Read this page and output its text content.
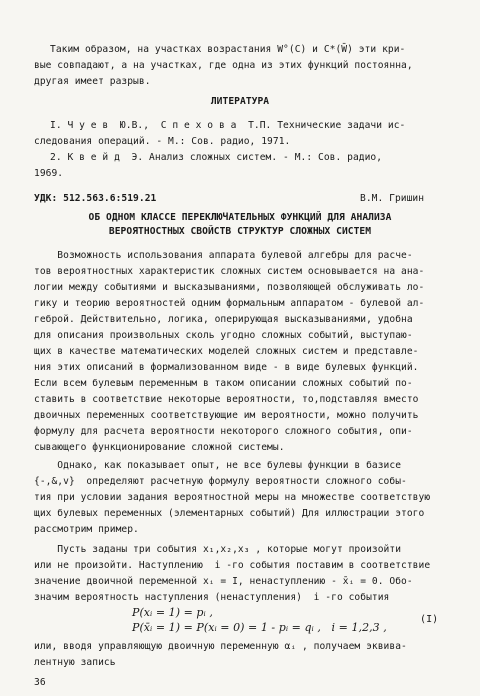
Таким образом, на участках возрастания W°(C) и C*(W̄) эти кри-
вые совпадают, а на участках, где одна из этих функций постоянна,
другая имеет разрыв.
ЛИТЕРАТУРА
I. Ч у е в  Ю.В.,  С п е х о в а  Т.П. Технические задачи ис-
следования операций. - М.: Сов. радио, 1971.
2. К в е й д  Э. Анализ сложных систем. - М.: Сов. радио,
1969.
УДК: 512.563.6:519.21	В.М. Гришин
ОБ ОДНОМ КЛАССЕ ПЕРЕКЛЮЧАТЕЛЬНЫХ ФУНКЦИЙ ДЛЯ АНАЛИЗА
ВЕРОЯТНОСТНЫХ СВОЙСТВ СТРУКТУР СЛОЖНЫХ СИСТЕМ
Возможность использования аппарата булевой алгебры для расче-
тов вероятностных характеристик сложных систем основывается на ана-
логии между событиями и высказываниями, позволяющей обслуживать ло-
гику и теорию вероятностей одним формальным аппаратом - булевой ал-
геброй. Действительно, логика, оперирующая высказываниями, удобна
для описания произвольных сколь угодно сложных событий, выступаю-
щих в качестве математических моделей сложных систем и представле-
ния этих описаний в формализованном виде - в виде булевых функций.
Если всем булевым переменным в таком описании сложных событий по-
ставить в соответствие некоторые вероятности, то,подставляя вместо
двоичных переменных соответствующие им вероятности, можно получить
формулу для расчета вероятности некоторого сложного события, опи-
сывающего функционирование сложной системы.
Однако, как показывает опыт, не все булевы функции в базисе
{-,&,v}  определяют расчетную формулу вероятности сложного собы-
тия при условии задания вероятностной меры на множестве соответствую
щих булевых переменных (элементарных событий) Для иллюстрации этого
рассмотрим пример.
Пусть заданы три события x₁,x₂,x₃ , которые могут произойти
или не произойти. Наступлению  i -го события поставим в соответствие
значение двоичной переменной xᵢ = I, ненаступлению - x̄ᵢ = 0. Обо-
значим вероятность наступления (ненаступления)  i -го события
P(xᵢ = 1) = pᵢ ,
P(x̄ᵢ = 1) = P(xᵢ = 0) = 1 - pᵢ = qᵢ ,   i = 1,2,3 ,
(I)
или, вводя управляющую двоичную переменную αᵢ , получаем эквива-
лентную запись
36
